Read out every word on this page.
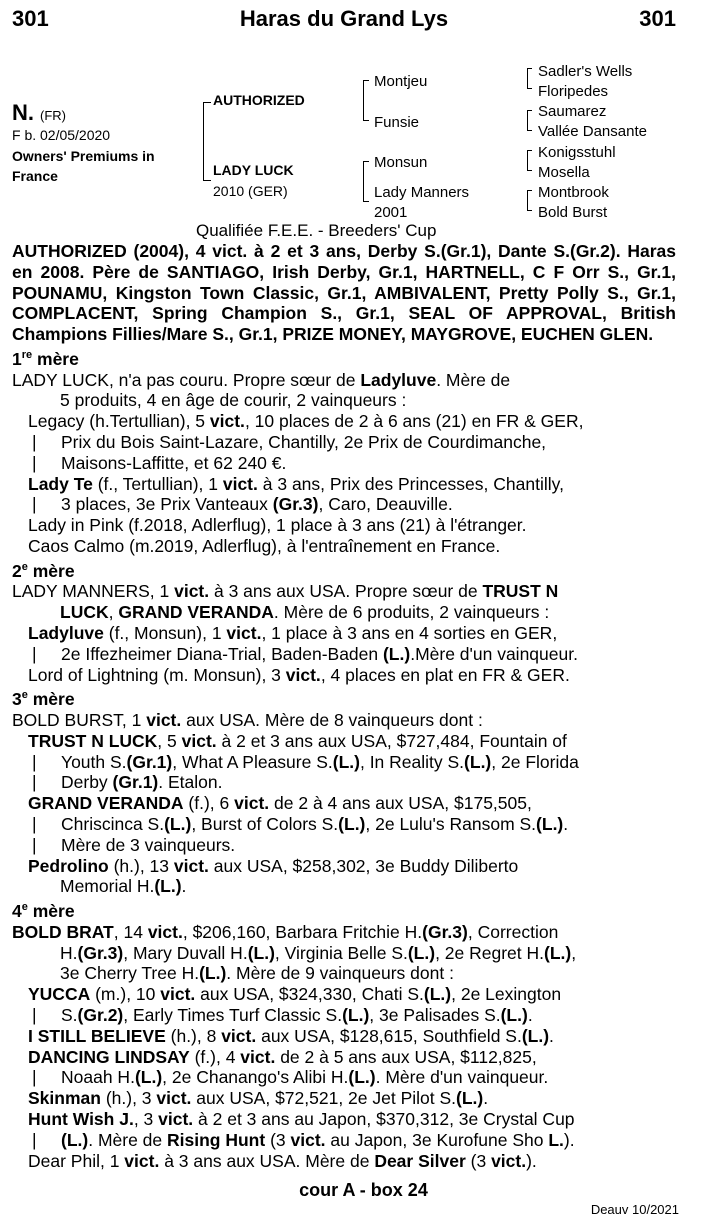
301	Haras du Grand Lys	301
N. (FR)
F b. 02/05/2020
Owners' Premiums in
France
AUTHORIZED
LADY LUCK
2010 (GER)
Montjeu
Funsie
Monsun
Lady Manners
2001
Sadler's Wells
Floripedes
Saumarez
Vallée Dansante
Konigsstuhl
Mosella
Montbrook
Bold Burst
Qualifiée F.E.E. - Breeders' Cup
AUTHORIZED (2004), 4 vict. à 2 et 3 ans, Derby S.(Gr.1), Dante S.(Gr.2). Haras en 2008. Père de SANTIAGO, Irish Derby, Gr.1, HARTNELL, C F Orr S., Gr.1, POUNAMU, Kingston Town Classic, Gr.1, AMBIVALENT, Pretty Polly S., Gr.1, COMPLACENT, Spring Champion S., Gr.1, SEAL OF APPROVAL, British Champions Fillies/Mare S., Gr.1, PRIZE MONEY, MAYGROVE, EUCHEN GLEN.
1re mère
LADY LUCK, n'a pas couru. Propre sœur de Ladyluve. Mère de
5 produits, 4 en âge de courir, 2 vainqueurs :
Legacy (h.Tertullian), 5 vict., 10 places de 2 à 6 ans (21) en FR & GER,
| Prix du Bois Saint-Lazare, Chantilly, 2e Prix de Courdimanche,
| Maisons-Laffitte, et 62 240 €.
Lady Te (f., Tertullian), 1 vict. à 3 ans, Prix des Princesses, Chantilly,
| 3 places, 3e Prix Vanteaux (Gr.3), Caro, Deauville.
Lady in Pink (f.2018, Adlerflug), 1 place à 3 ans (21) à l'étranger.
Caos Calmo (m.2019, Adlerflug), à l'entraînement en France.
2e mère
LADY MANNERS, 1 vict. à 3 ans aux USA. Propre sœur de TRUST N
LUCK, GRAND VERANDA. Mère de 6 produits, 2 vainqueurs :
Ladyluve (f., Monsun), 1 vict., 1 place à 3 ans en 4 sorties en GER,
| 2e Iffezheimer Diana-Trial, Baden-Baden (L.).Mère d'un vainqueur.
Lord of Lightning (m. Monsun), 3 vict., 4 places en plat en FR & GER.
3e mère
BOLD BURST, 1 vict. aux USA. Mère de 8 vainqueurs dont :
TRUST N LUCK, 5 vict. à 2 et 3 ans aux USA, $727,484, Fountain of
| Youth S.(Gr.1), What A Pleasure S.(L.), In Reality S.(L.), 2e Florida
| Derby (Gr.1). Etalon.
GRAND VERANDA (f.), 6 vict. de 2 à 4 ans aux USA, $175,505,
| Chriscinca S.(L.), Burst of Colors S.(L.), 2e Lulu's Ransom S.(L.).
| Mère de 3 vainqueurs.
Pedrolino (h.), 13 vict. aux USA, $258,302, 3e Buddy Diliberto
Memorial H.(L.).
4e mère
BOLD BRAT, 14 vict., $206,160, Barbara Fritchie H.(Gr.3), Correction
H.(Gr.3), Mary Duvall H.(L.), Virginia Belle S.(L.), 2e Regret H.(L.),
3e Cherry Tree H.(L.). Mère de 9 vainqueurs dont :
YUCCA (m.), 10 vict. aux USA, $324,330, Chati S.(L.), 2e Lexington
| S.(Gr.2), Early Times Turf Classic S.(L.), 3e Palisades S.(L.).
I STILL BELIEVE (h.), 8 vict. aux USA, $128,615, Southfield S.(L.).
DANCING LINDSAY (f.), 4 vict. de 2 à 5 ans aux USA, $112,825,
| Noaah H.(L.), 2e Chanango's Alibi H.(L.). Mère d'un vainqueur.
Skinman (h.), 3 vict. aux USA, $72,521, 2e Jet Pilot S.(L.).
Hunt Wish J., 3 vict. à 2 et 3 ans au Japon, $370,312, 3e Crystal Cup
| (L.). Mère de Rising Hunt (3 vict. au Japon, 3e Kurofune Sho L.).
Dear Phil, 1 vict. à 3 ans aux USA. Mère de Dear Silver (3 vict.).
cour A - box 24
Deauv 10/2021
